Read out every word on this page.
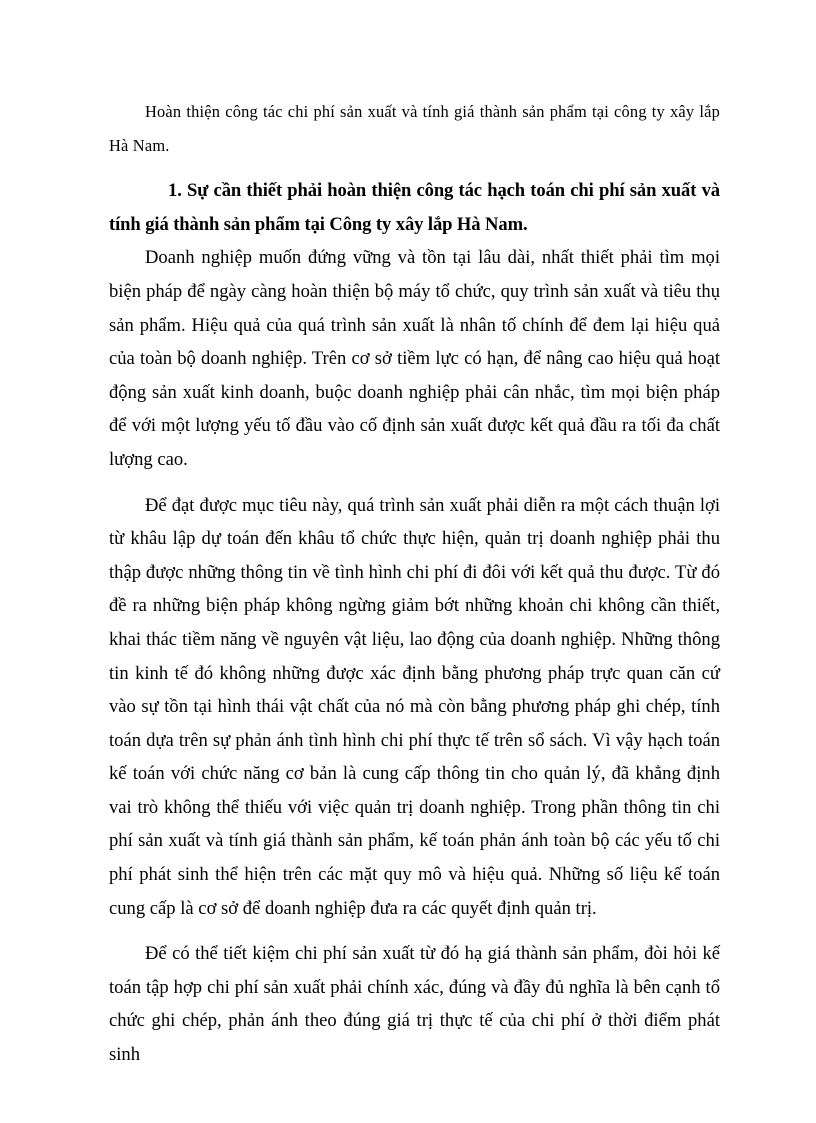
Hoàn thiện công tác chi phí sản xuất và tính giá thành sản phẩm tại công ty xây lắp Hà Nam.

1. Sự cần thiết phải hoàn thiện công tác hạch toán chi phí sản xuất và tính giá thành sản phẩm tại Công ty xây lắp Hà Nam.

Doanh nghiệp muốn đứng vững và tồn tại lâu dài, nhất thiết phải tìm mọi biện pháp để ngày càng hoàn thiện bộ máy tổ chức, quy trình sản xuất và tiêu thụ sản phẩm. Hiệu quả của quá trình sản xuất là nhân tố chính để đem lại hiệu quả của toàn bộ doanh nghiệp. Trên cơ sở tiềm lực có hạn, để nâng cao hiệu quả hoạt động sản xuất kinh doanh, buộc doanh nghiệp phải cân nhắc, tìm mọi biện pháp để với một lượng yếu tố đầu vào cố định sản xuất được kết quả đầu ra tối đa chất lượng cao.

Để đạt được mục tiêu này, quá trình sản xuất phải diễn ra một cách thuận lợi từ khâu lập dự toán đến khâu tổ chức thực hiện, quản trị doanh nghiệp phải thu thập được những thông tin về tình hình chi phí đi đôi với kết quả thu được. Từ đó đề ra những biện pháp không ngừng giảm bớt những khoản chi không cần thiết, khai thác tiềm năng về nguyên vật liệu, lao động của doanh nghiệp. Những thông tin kinh tế đó không những được xác định bằng phương pháp trực quan căn cứ vào sự tồn tại hình thái vật chất của nó mà còn bằng phương pháp ghi chép, tính toán dựa trên sự phản ánh tình hình chi phí thực tế trên sổ sách. Vì vậy hạch toán kế toán với chức năng cơ bản là cung cấp thông tin cho quản lý, đã khẳng định vai trò không thể thiếu với việc quản trị doanh nghiệp. Trong phần thông tin chi phí sản xuất và tính giá thành sản phẩm, kế toán phản ánh toàn bộ các yếu tố chi phí phát sinh thể hiện trên các mặt quy mô và hiệu quả. Những số liệu kế toán cung cấp là cơ sở để doanh nghiệp đưa ra các quyết định quản trị.

Để có thể tiết kiệm chi phí sản xuất từ đó hạ giá thành sản phẩm, đòi hỏi kế toán tập hợp chi phí sản xuất phải chính xác, đúng và đầy đủ nghĩa là bên cạnh tổ chức ghi chép, phản ánh theo đúng giá trị thực tế của chi phí ở thời điểm phát sinh
